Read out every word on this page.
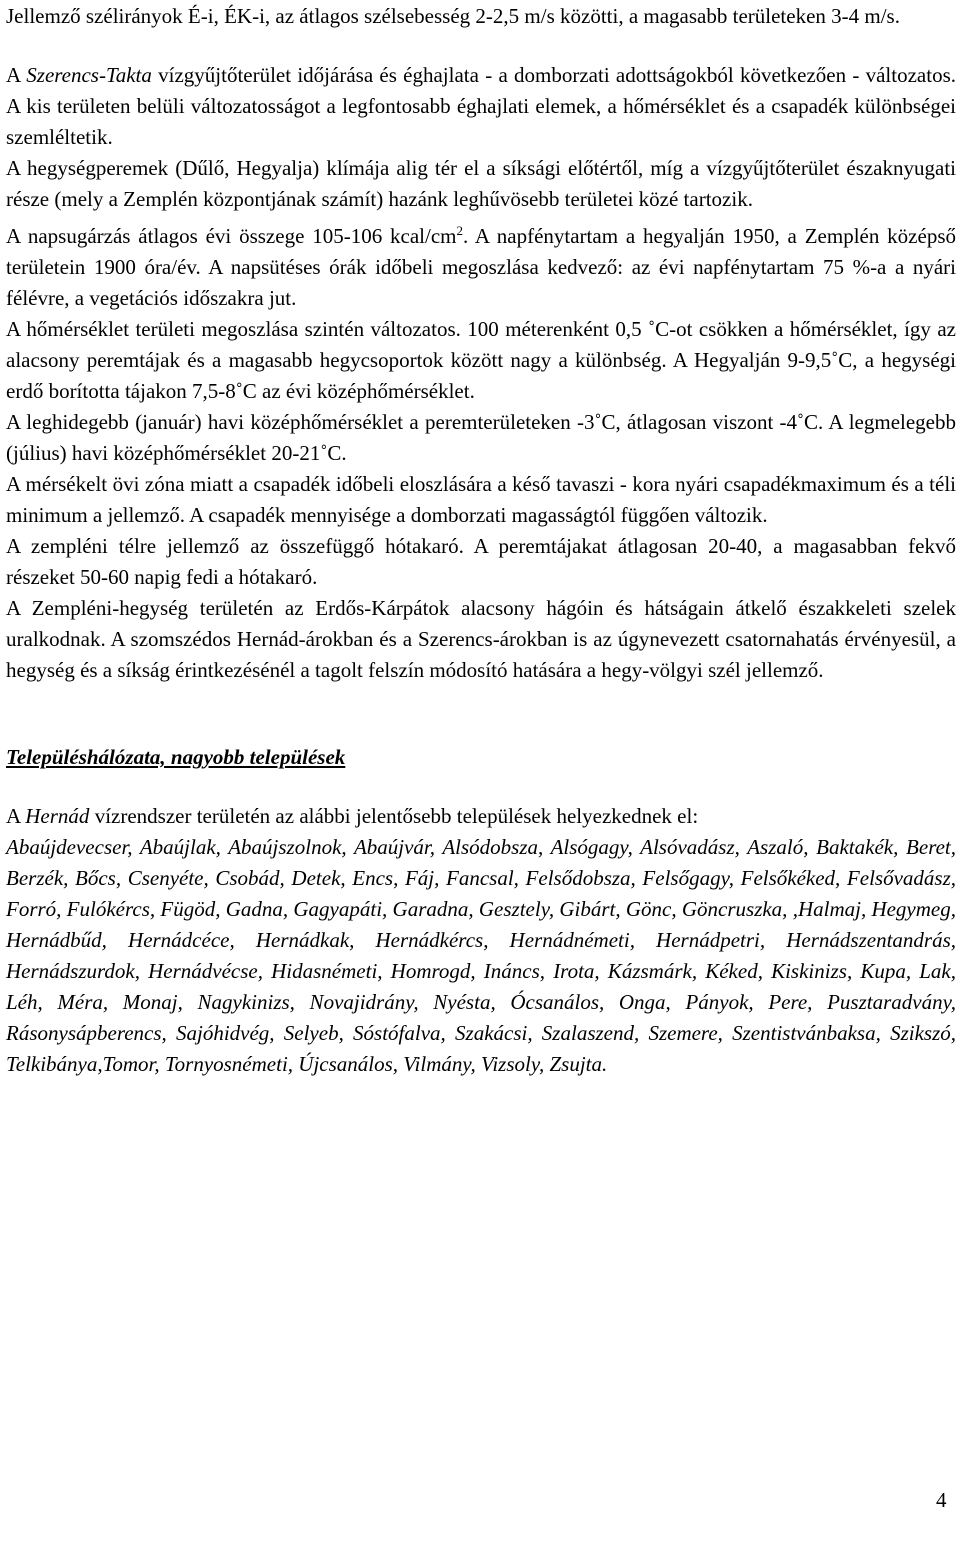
Jellemző szélirányok É-i, ÉK-i, az átlagos szélsebesség 2-2,5 m/s közötti, a magasabb területeken 3-4 m/s.

A Szerencs-Takta vízgyűjtőterület időjárása és éghajlata - a domborzati adottságokból következően - változatos. A kis területen belüli változatosságot a legfontosabb éghajlati elemek, a hőmérséklet és a csapadék különbségei szemléltetik.

A hegységperemek (Dűlő, Hegyalja) klímája alig tér el a síksági előtértől, míg a vízgyűjtőterület északnyugati része (mely a Zemplén központjának számít) hazánk leghűvösebb területei közé tartozik.

A napsugárzás átlagos évi összege 105-106 kcal/$cm^2$. A napfénytartam a hegyalján 1950, a Zemplén középső területein 1900 óra/év. A napsütéses órák időbeli megoszlása kedvező: az évi napfénytartam 75 %-a a nyári félévre, a vegetációs időszakra jut.

A hőmérséklet területi megoszlása szintén változatos. 100 méterenként 0,5 ˚C-ot csökken a hőmérséklet, így az alacsony peremtájak és a magasabb hegycsoportok között nagy a különbség. A Hegyalján 9-9,5˚C, a hegységi erdő borította tájakon 7,5-8˚C az évi középhőmérséklet.

A leghidegebb (január) havi középhőmérséklet a peremterületeken -3˚C, átlagosan viszont -4˚C. A legmelegebb (július) havi középhőmérséklet 20-21˚C.

A mérsékelt övi zóna miatt a csapadék időbeli eloszlására a késő tavaszi - kora nyári csapadékmaximum és a téli minimum a jellemző. A csapadék mennyisége a domborzati magasságtól függően változik.

A zempléni télre jellemző az összefüggő hótakaró. A peremtájakat átlagosan 20-40, a magasabban fekvő részeket 50-60 napig fedi a hótakaró.

A Zempléni-hegység területén az Erdős-Kárpátok alacsony hágóin és hátságain átkelő északkeleti szelek uralkodnak. A szomszédos Hernád-árokban és a Szerencs-árokban is az úgynevezett csatornahatás érvényesül, a hegység és a síkság érintkezésénél a tagolt felszín módosító hatására a hegy-völgyi szél jellemző.

Településhálózata, nagyobb települések

A Hernád vízrendszer területén az alábbi jelentősebb települések helyezkednek el:

Abaújdevecser, Abaújlak, Abaújszolnok, Abaújvár, Alsódobsza, Alsógagy, Alsóvadász, Aszaló, Baktakék, Beret, Berzék, Bőcs, Csenyéte, Csobád, Detek, Encs, Fáj, Fancsal, Felsődobsza, Felsőgagy, Felsőkéked, Felsővadász, Forró, Fulókércs, Fügöd, Gadna, Gagyapáti, Garadna, Gesztely, Gibárt, Gönc, Göncruszka, ,Halmaj, Hegymeg, Hernádbűd, Hernádcéce, Hernádkak, Hernádkércs, Hernádnémeti, Hernádpetri, Hernádszentandrás, Hernádszurdok, Hernádvécse, Hidasnémeti, Homrogd, Ináncs, Irota, Kázsmárk, Kéked, Kiskinizs, Kupa, Lak, Léh, Méra, Monaj, Nagykinizs, Novajidrány, Nyésta, Ócsanálos, Onga, Pányok, Pere, Pusztaradvány, Rásonysápberencs, Sajóhidvég, Selyeb, Sóstófalva, Szakácsi, Szalaszend, Szemere, Szentistvánbaksa, Szikszó, Telkibánya,Tomor, Tornyosnémeti, Újcsanálos, Vilmány, Vizsoly, Zsujta.

4
